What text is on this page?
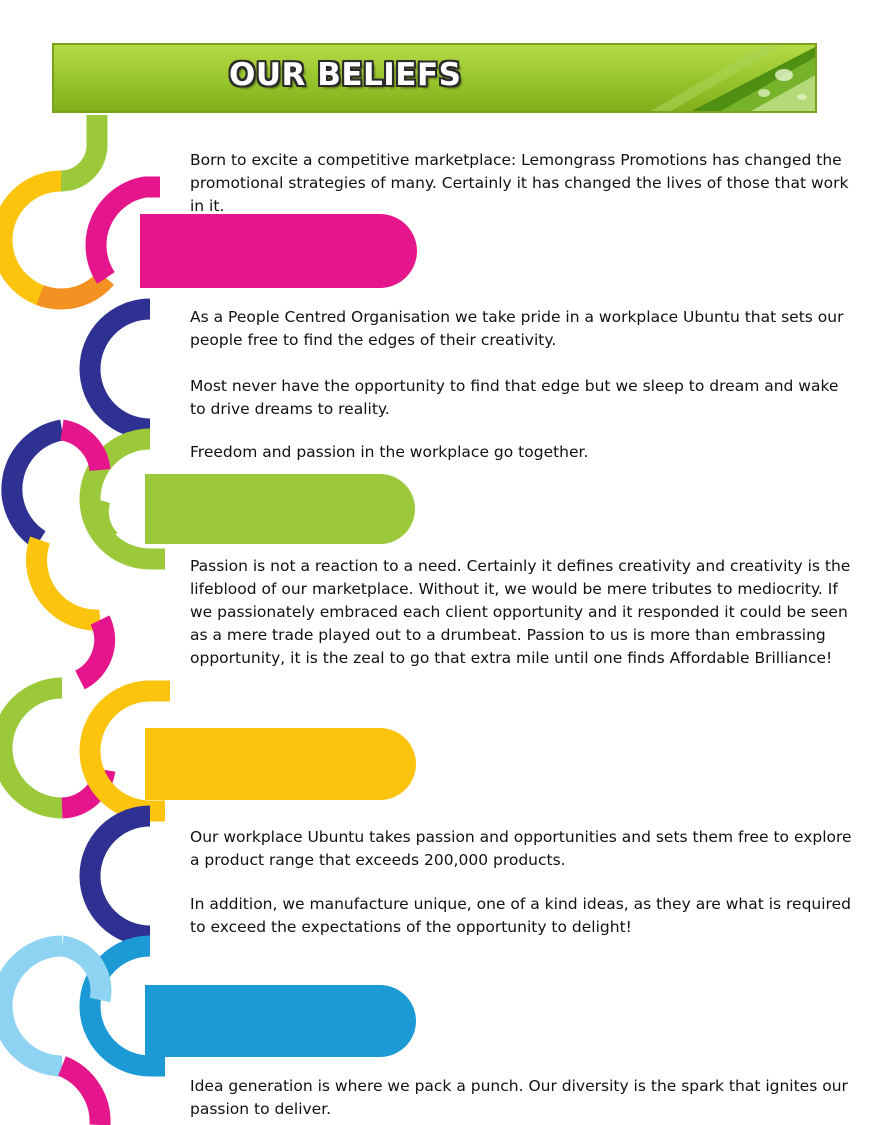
OUR BELIEFS

Born to excite a competitive marketplace: Lemongrass Promotions has changed the promotional strategies of many. Certainly it has changed the lives of those that work in it.

As a People Centred Organisation we take pride in a workplace Ubuntu that sets our people free to find the edges of their creativity.

Most never have the opportunity to find that edge but we sleep to dream and wake to drive dreams to reality.

Freedom and passion in the workplace go together.

Passion is not a reaction to a need. Certainly it defines creativity and creativity is the lifeblood of our marketplace. Without it, we would be mere tributes to mediocrity. If we passionately embraced each client opportunity and it responded it could be seen as a mere trade played out to a drumbeat. Passion to us is more than embrassing opportunity, it is the zeal to go that extra mile until one finds Affordable Brilliance!

Our workplace Ubuntu takes passion and opportunities and sets them free to explore a product range that exceeds 200,000 products.

In addition, we manufacture unique, one of a kind ideas, as they are what is required to exceed the expectations of the opportunity to delight!

Idea generation is where we pack a punch. Our diversity is the spark that ignites our passion to deliver.
